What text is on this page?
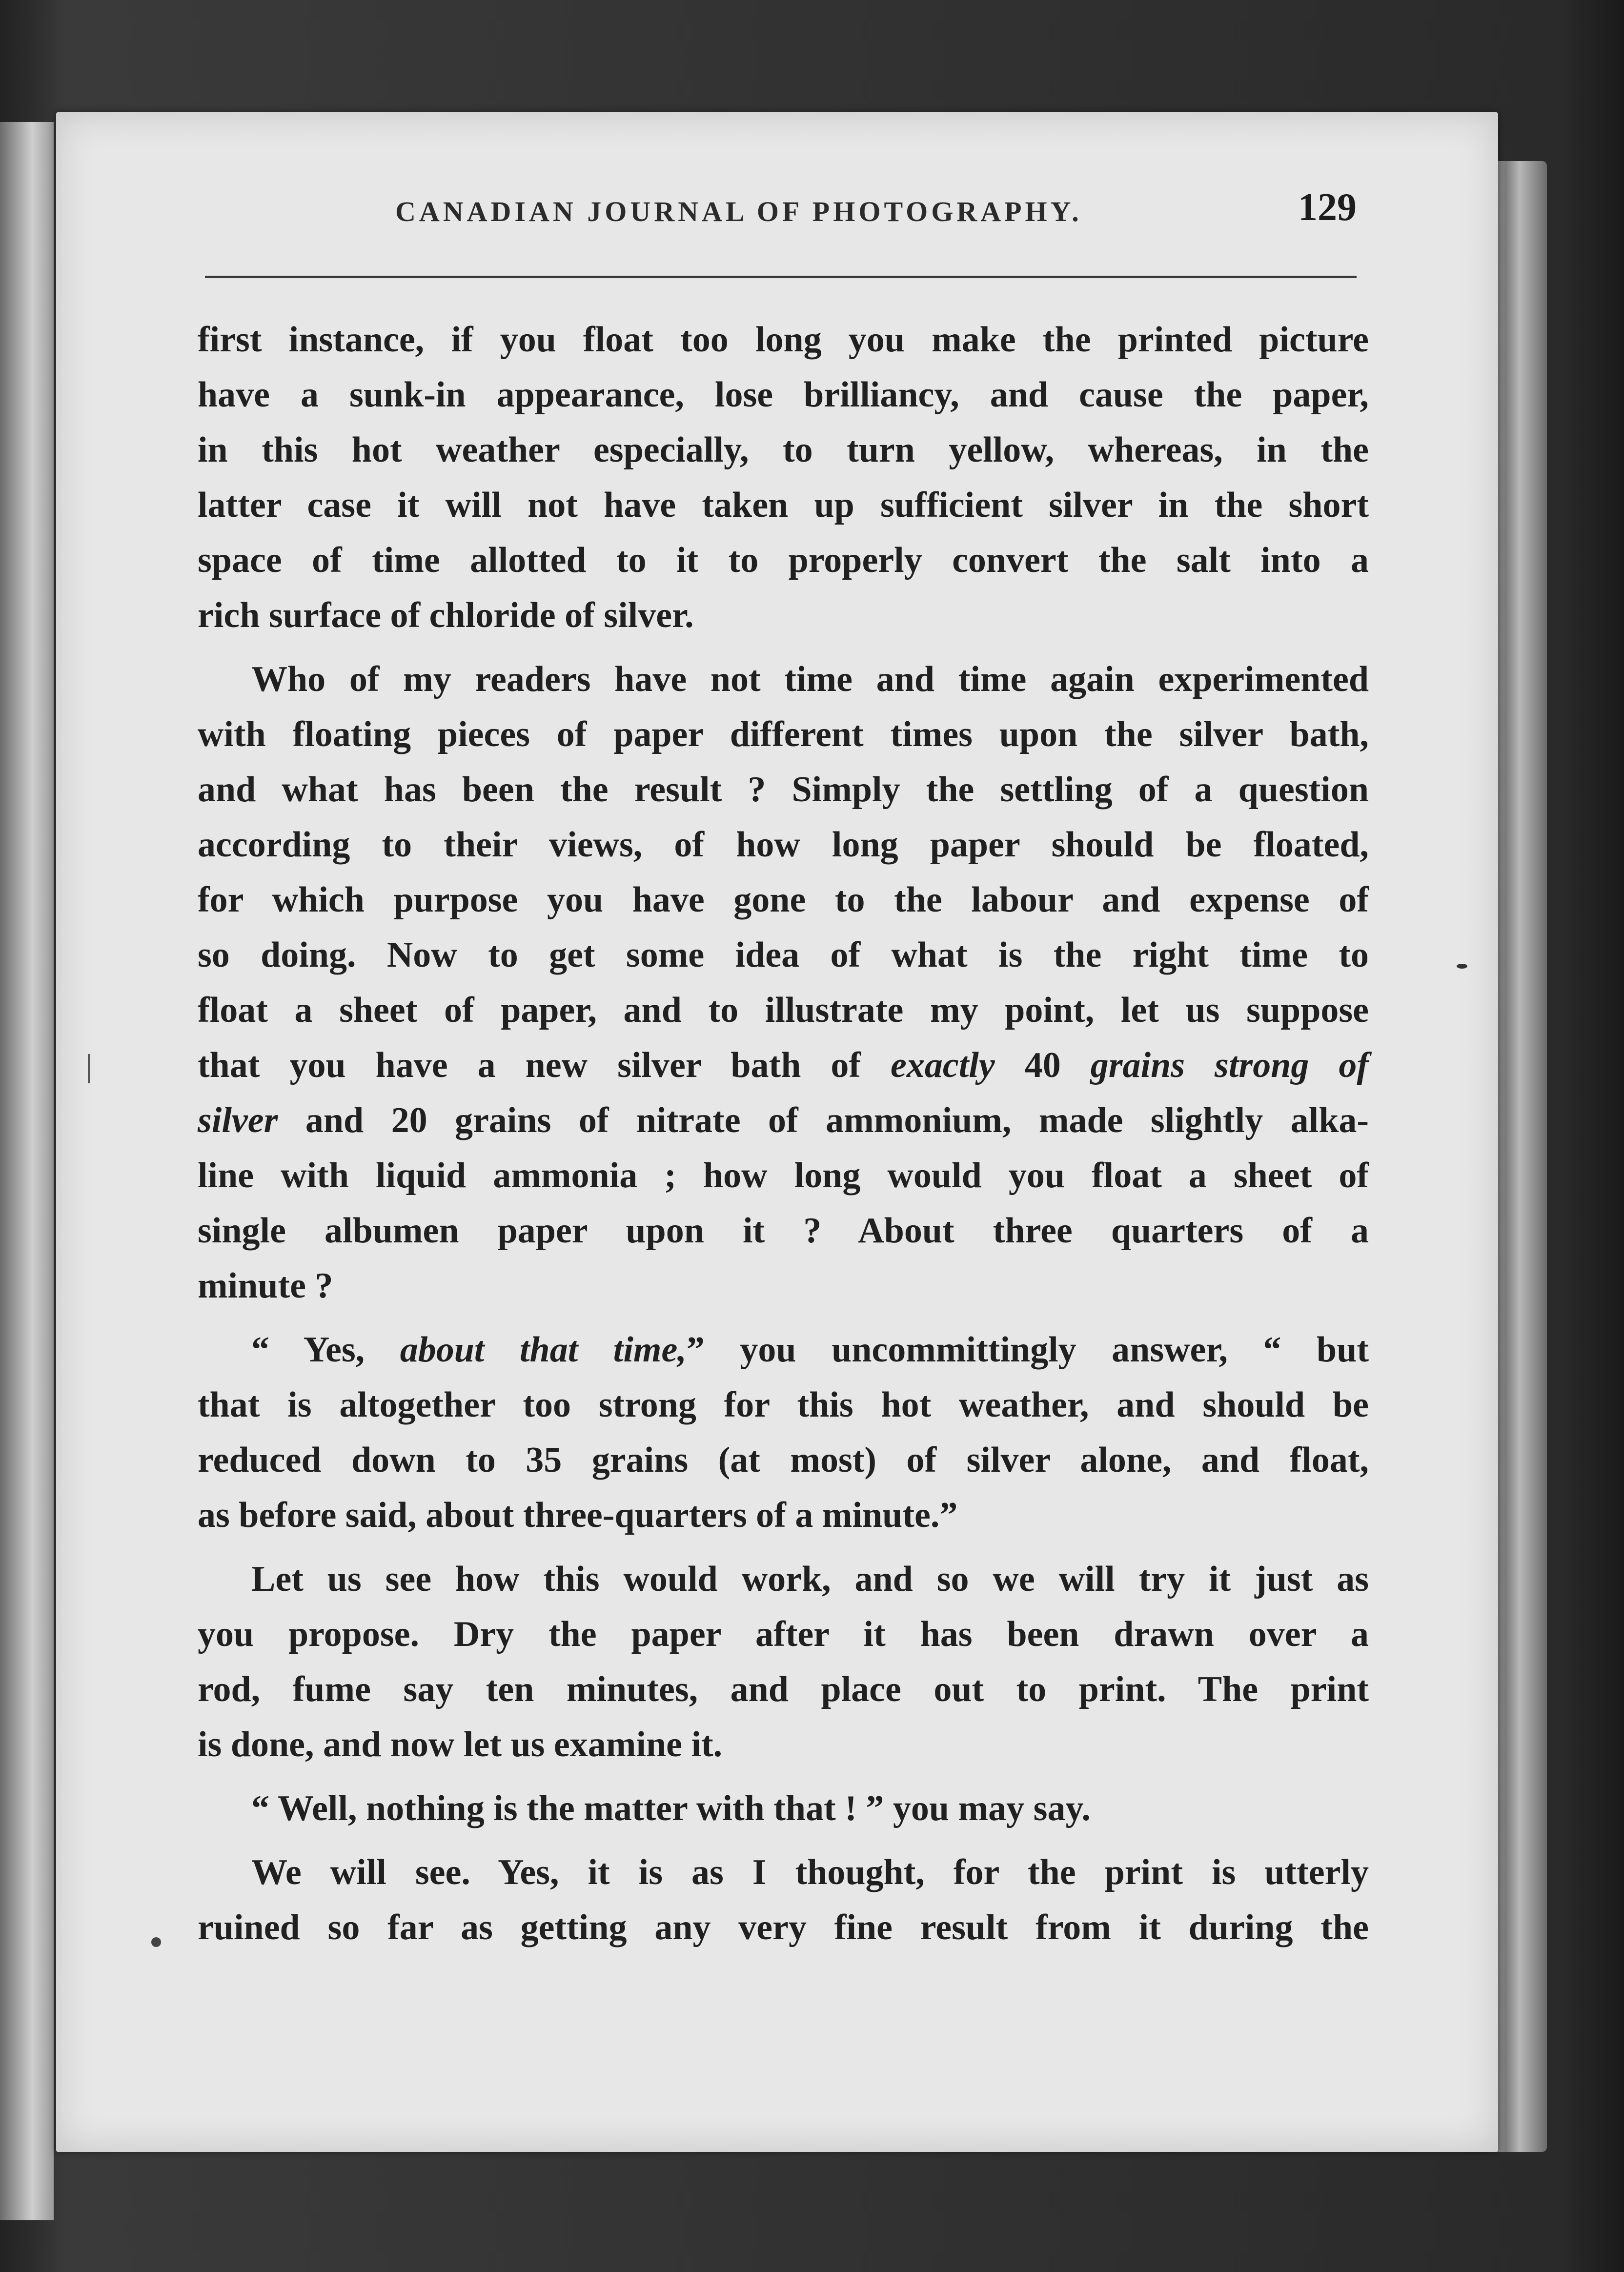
CANADIAN JOURNAL OF PHOTOGRAPHY.	129
first instance, if you float too long you make the printed picture
have a sunk-in appearance, lose brilliancy, and cause the paper,
in this hot weather especially, to turn yellow, whereas, in the
latter case it will not have taken up sufficient silver in the short
space of time allotted to it to properly convert the salt into a
rich surface of chloride of silver.
Who of my readers have not time and time again experimented
with floating pieces of paper different times upon the silver bath,
and what has been the result ? Simply the settling of a question
according to their views, of how long paper should be floated,
for which purpose you have gone to the labour and expense of
so doing. Now to get some idea of what is the right time to
float a sheet of paper, and to illustrate my point, let us suppose
that you have a new silver bath of exactly 40 grains strong of
silver and 20 grains of nitrate of ammonium, made slightly alka-
line with liquid ammonia ; how long would you float a sheet of
single albumen paper upon it ? About three quarters of a
minute ?
“ Yes, about that time,” you uncommittingly answer, “ but
that is altogether too strong for this hot weather, and should be
reduced down to 35 grains (at most) of silver alone, and float,
as before said, about three-quarters of a minute.”
Let us see how this would work, and so we will try it just as
you propose. Dry the paper after it has been drawn over a
rod, fume say ten minutes, and place out to print. The print
is done, and now let us examine it.
“ Well, nothing is the matter with that ! ” you may say.
We will see. Yes, it is as I thought, for the print is utterly
ruined so far as getting any very fine result from it during the
